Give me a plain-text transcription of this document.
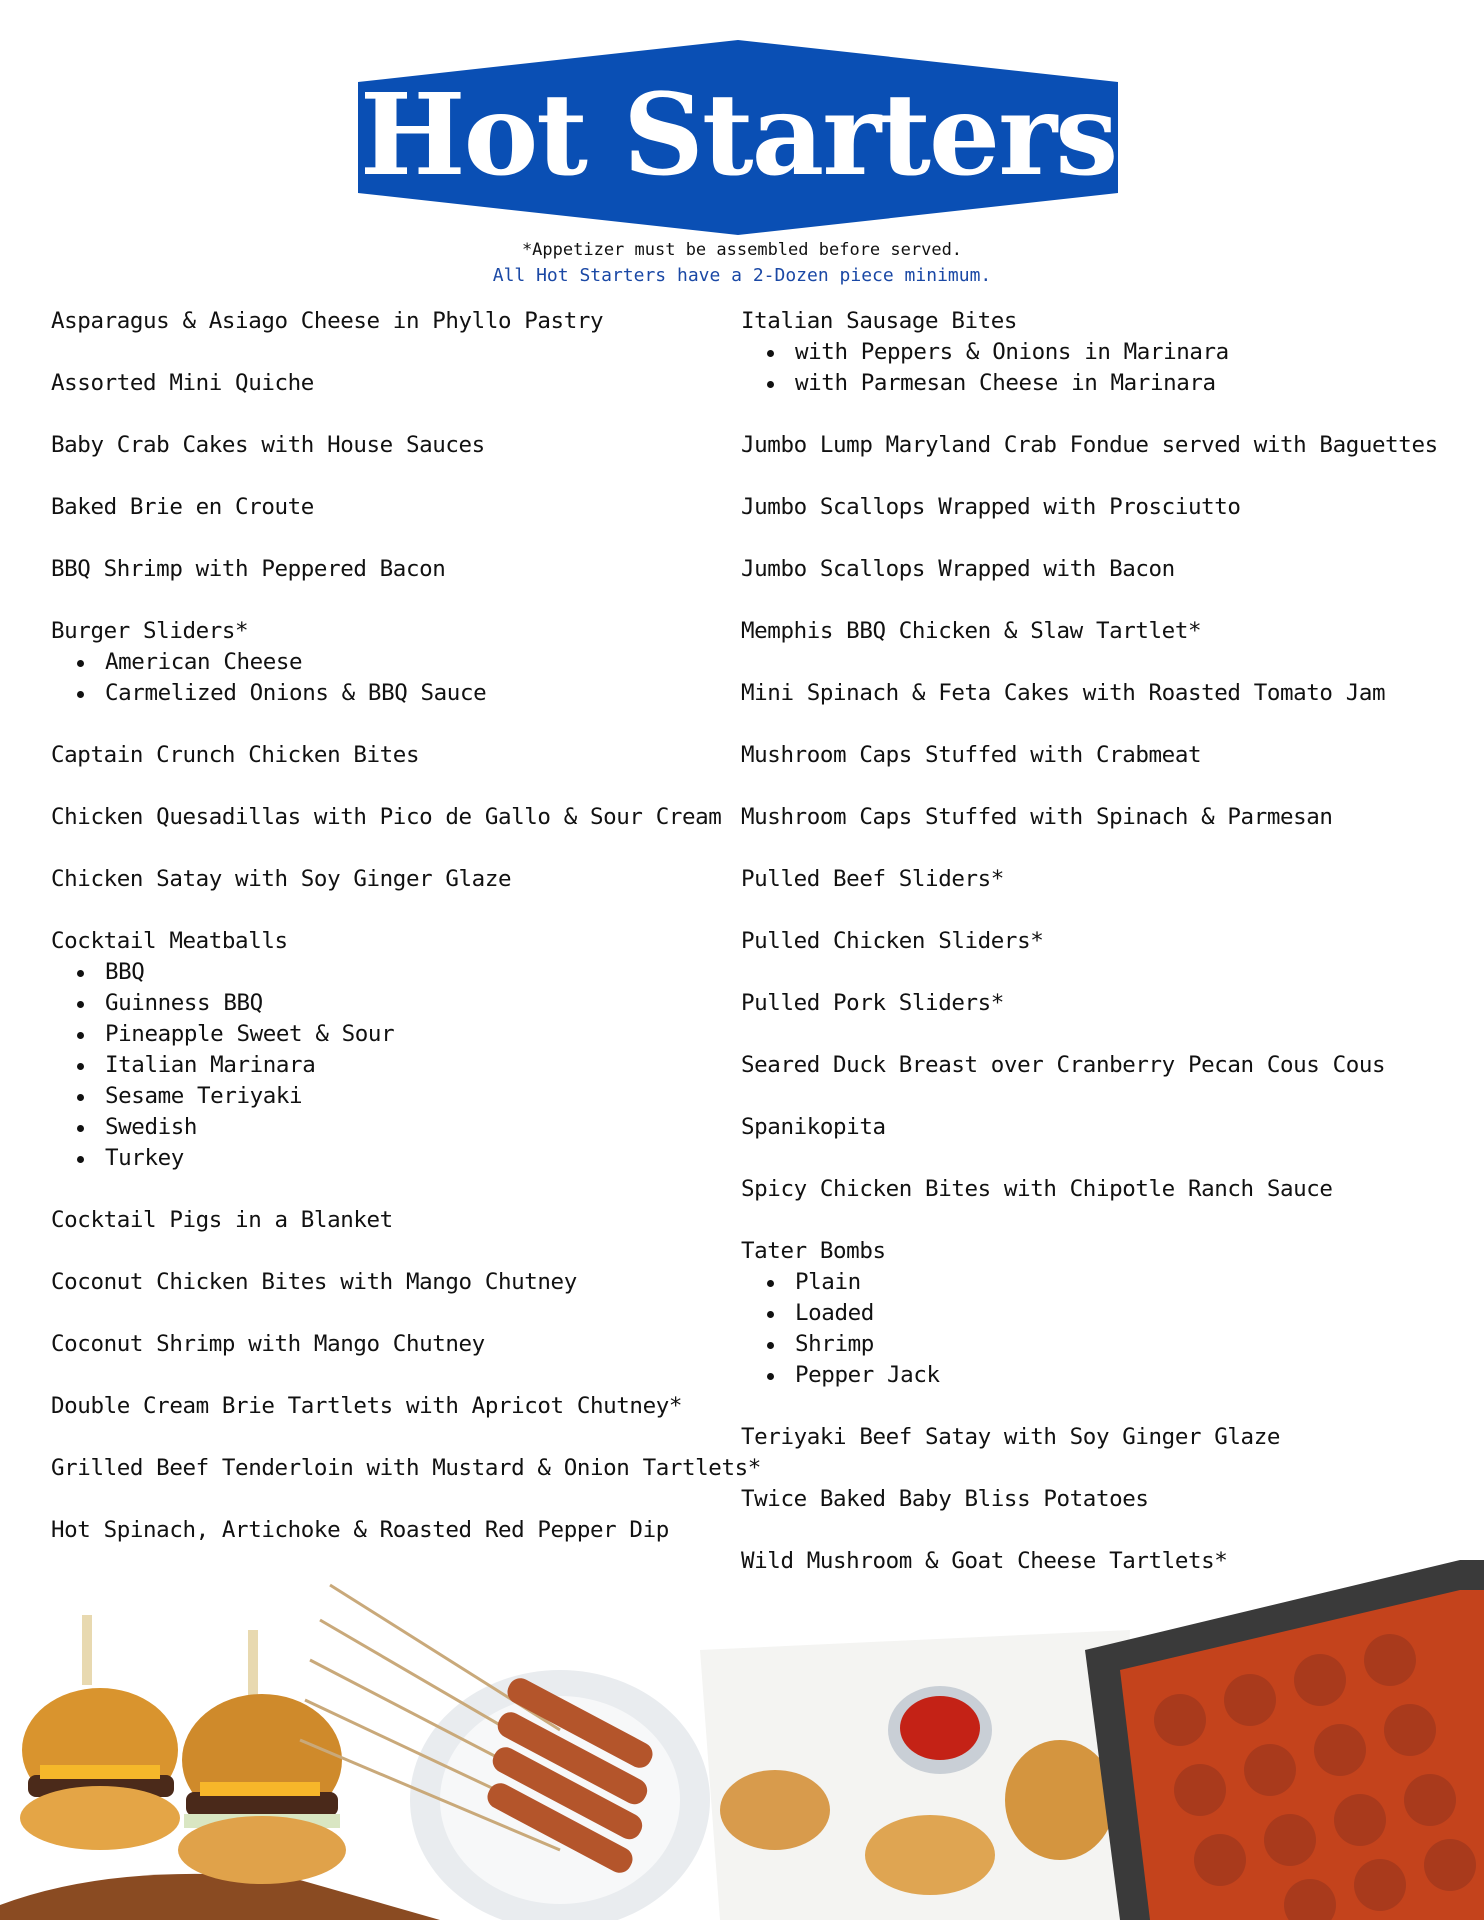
Hot Starters
*Appetizer must be assembled before served.
All Hot Starters have a 2-Dozen piece minimum.
Asparagus & Asiago Cheese in Phyllo Pastry
Assorted Mini Quiche
Baby Crab Cakes with House Sauces
Baked Brie en Croute
BBQ Shrimp with Peppered Bacon
Burger Sliders*
American Cheese
Carmelized Onions & BBQ Sauce
Captain Crunch Chicken Bites
Chicken Quesadillas with Pico de Gallo & Sour Cream
Chicken Satay with Soy Ginger Glaze
Cocktail Meatballs
BBQ
Guinness BBQ
Pineapple Sweet & Sour
Italian Marinara
Sesame Teriyaki
Swedish
Turkey
Cocktail Pigs in a Blanket
Coconut Chicken Bites with Mango Chutney
Coconut Shrimp with Mango Chutney
Double Cream Brie Tartlets with Apricot Chutney*
Grilled Beef Tenderloin with Mustard & Onion Tartlets*
Hot Spinach, Artichoke & Roasted Red Pepper Dip
Italian Sausage Bites
with Peppers & Onions in Marinara
with Parmesan Cheese in Marinara
Jumbo Lump Maryland Crab Fondue served with Baguettes
Jumbo Scallops Wrapped with Prosciutto
Jumbo Scallops Wrapped with Bacon
Memphis BBQ Chicken & Slaw Tartlet*
Mini Spinach & Feta Cakes with Roasted Tomato Jam
Mushroom Caps Stuffed with Crabmeat
Mushroom Caps Stuffed with Spinach & Parmesan
Pulled Beef Sliders*
Pulled Chicken Sliders*
Pulled Pork Sliders*
Seared Duck Breast over Cranberry Pecan Cous Cous
Spanikopita
Spicy Chicken Bites with Chipotle Ranch Sauce
Tater Bombs
Plain
Loaded
Shrimp
Pepper Jack
Teriyaki Beef Satay with Soy Ginger Glaze
Twice Baked Baby Bliss Potatoes
Wild Mushroom & Goat Cheese Tartlets*
